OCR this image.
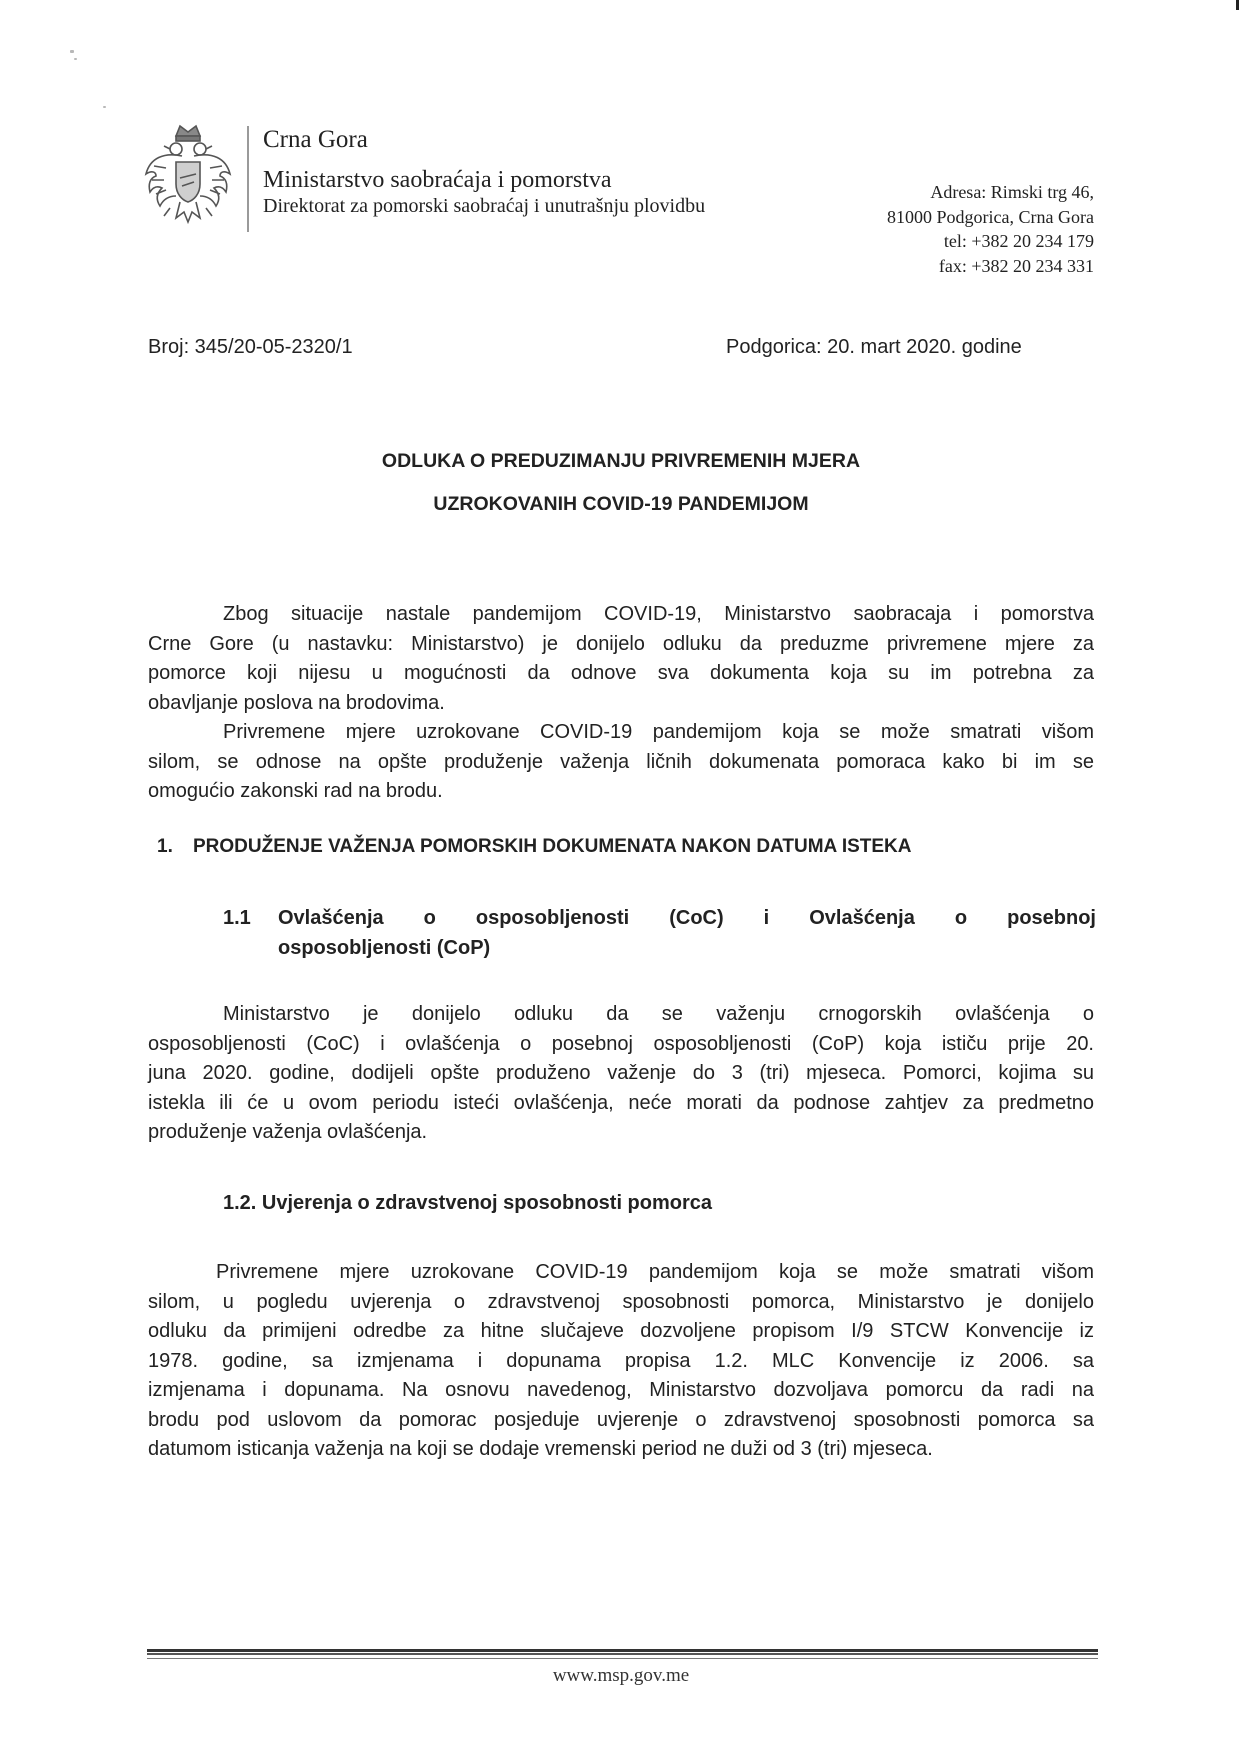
Crna Gora
Ministarstvo saobraćaja i pomorstva
Direktorat za pomorski saobraćaj i unutrašnju plovidbu
Adresa: Rimski trg 46,
81000 Podgorica, Crna Gora
tel: +382 20 234 179
fax: +382 20 234 331
Broj: 345/20-05-2320/1	Podgorica: 20. mart 2020. godine
ODLUKA O PREDUZIMANJU PRIVREMENIH MJERA
UZROKOVANIH COVID-19 PANDEMIJOM
Zbog situacije nastale pandemijom COVID-19, Ministarstvo saobracaja i pomorstva
Crne Gore (u nastavku: Ministarstvo) je donijelo odluku da preduzme privremene mjere za
pomorce koji nijesu u mogućnosti da odnove sva dokumenta koja su im potrebna za
obavljanje poslova na brodovima.
Privremene mjere uzrokovane COVID-19 pandemijom koja se može smatrati višom
silom, se odnose na opšte produženje važenja ličnih dokumenata pomoraca kako bi im se
omogućio zakonski rad na brodu.
1. PRODUŽENJE VAŽENJA POMORSKIH DOKUMENATA NAKON DATUMA ISTEKA
1.1 Ovlašćenja o osposobljenosti (CoC) i Ovlašćenja o posebnoj
osposobljenosti (CoP)
Ministarstvo je donijelo odluku da se važenju crnogorskih ovlašćenja o
osposobljenosti (CoC) i ovlašćenja o posebnoj osposobljenosti (CoP) koja ističu prije 20.
juna 2020. godine, dodijeli opšte produženo važenje do 3 (tri) mjeseca. Pomorci, kojima su
istekla ili će u ovom periodu isteći ovlašćenja, neće morati da podnose zahtjev za predmetno
produženje važenja ovlašćenja.
1.2. Uvjerenja o zdravstvenoj sposobnosti pomorca
Privremene mjere uzrokovane COVID-19 pandemijom koja se može smatrati višom
silom, u pogledu uvjerenja o zdravstvenoj sposobnosti pomorca, Ministarstvo je donijelo
odluku da primijeni odredbe za hitne slučajeve dozvoljene propisom I/9 STCW Konvencije iz
1978. godine, sa izmjenama i dopunama propisa 1.2. MLC Konvencije iz 2006. sa
izmjenama i dopunama. Na osnovu navedenog, Ministarstvo dozvoljava pomorcu da radi na
brodu pod uslovom da pomorac posjeduje uvjerenje o zdravstvenoj sposobnosti pomorca sa
datumom isticanja važenja na koji se dodaje vremenski period ne duži od 3 (tri) mjeseca.
www.msp.gov.me
